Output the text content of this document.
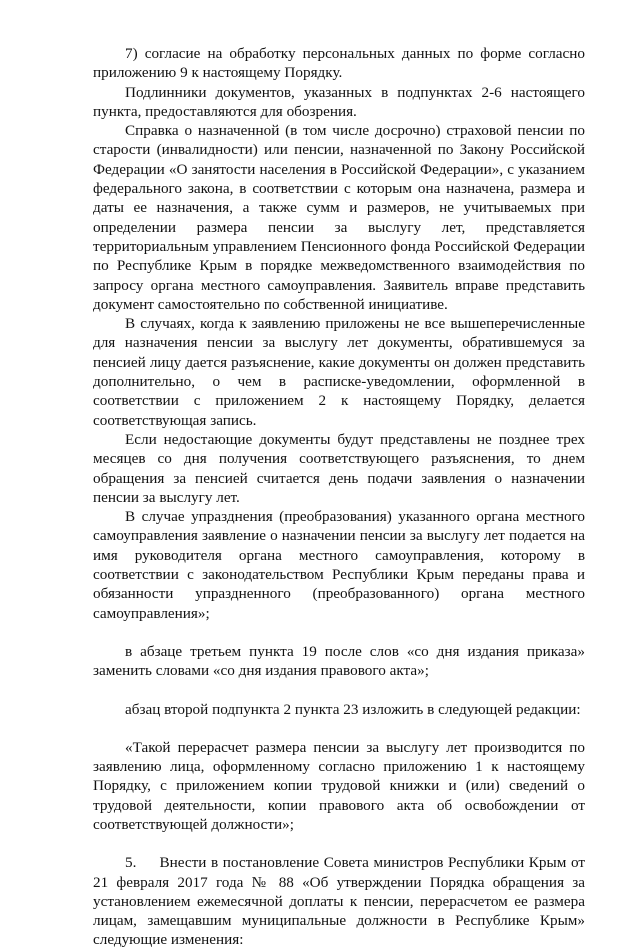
7) согласие на обработку персональных данных по форме согласно приложению 9 к настоящему Порядку.

Подлинники документов, указанных в подпунктах 2-6 настоящего пункта, предоставляются для обозрения.

Справка о назначенной (в том числе досрочно) страховой пенсии по старости (инвалидности) или пенсии, назначенной по Закону Российской Федерации «О занятости населения в Российской Федерации», с указанием федерального закона, в соответствии с которым она назначена, размера и даты ее назначения, а также сумм и размеров, не учитываемых при определении размера пенсии за выслугу лет, представляется территориальным управлением Пенсионного фонда Российской Федерации по Республике Крым в порядке межведомственного взаимодействия по запросу органа местного самоуправления. Заявитель вправе представить документ самостоятельно по собственной инициативе.

В случаях, когда к заявлению приложены не все вышеперечисленные для назначения пенсии за выслугу лет документы, обратившемуся за пенсией лицу дается разъяснение, какие документы он должен представить дополнительно, о чем в расписке-уведомлении, оформленной в соответствии с приложением 2 к настоящему Порядку, делается соответствующая запись.

Если недостающие документы будут представлены не позднее трех месяцев со дня получения соответствующего разъяснения, то днем обращения за пенсией считается день подачи заявления о назначении пенсии за выслугу лет.

В случае упразднения (преобразования) указанного органа местного самоуправления заявление о назначении пенсии за выслугу лет подается на имя руководителя органа местного самоуправления, которому в соответствии с законодательством Республики Крым переданы права и обязанности упраздненного (преобразованного) органа местного самоуправления»;

в абзаце третьем пункта 19 после слов «со дня издания приказа» заменить словами «со дня издания правового акта»;

абзац второй подпункта 2 пункта 23 изложить в следующей редакции:

«Такой перерасчет размера пенсии за выслугу лет производится по заявлению лица, оформленному согласно приложению 1 к настоящему Порядку, с приложением копии трудовой книжки и (или) сведений о трудовой деятельности, копии правового акта об освобождении от соответствующей должности»;

5.     Внести в постановление Совета министров Республики Крым от 21 февраля 2017 года № 88 «Об утверждении Порядка обращения за установлением ежемесячной доплаты к пенсии, перерасчетом ее размера лицам, замещавшим муниципальные должности в Республике Крым» следующие изменения:
